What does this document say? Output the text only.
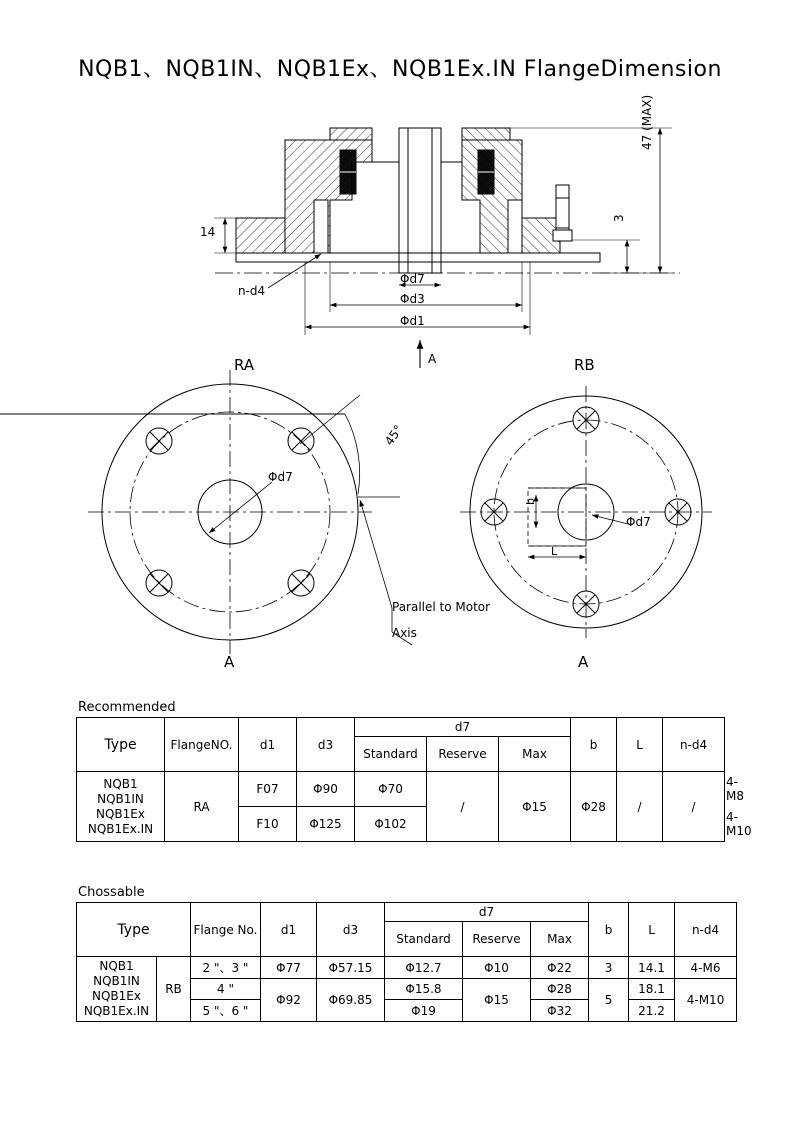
NQB1、NQB1IN、NQB1Ex、NQB1Ex.IN FlangeDimension
47 (MAX)
14
3
Φd7
Φd3
Φd1
n-d4
A
RA	RB
45°
Φd7
b
L
Φd7
Parallel to Motor
Axis
A	A
Recommended
Type	FlangeNO.	d1	d3	d7			b	L	n-d4	
				Standard	Reserve	Max				

NQB1
NQB1IN
NQB1Ex
NQB1Ex.IN	RA	F07	Φ90	Φ70	/	Φ15	Φ28	/	/	4-M8
		F10	Φ125	Φ102						4-M10
Chossable
Type		Flange No.	d1	d3	d7			b	L	n-d4
					Standard	Reserve	Max			

NQB1
NQB1IN
NQB1Ex
NQB1Ex.IN	RB	2 "、3 "	Φ77	Φ57.15	Φ12.7	Φ10	Φ22	3	14.1	4-M6
		4 "	Φ92	Φ69.85	Φ15.8	Φ15	Φ28	5	18.1	4-M10
		5 "、6 "			Φ19		Φ32		21.2	
